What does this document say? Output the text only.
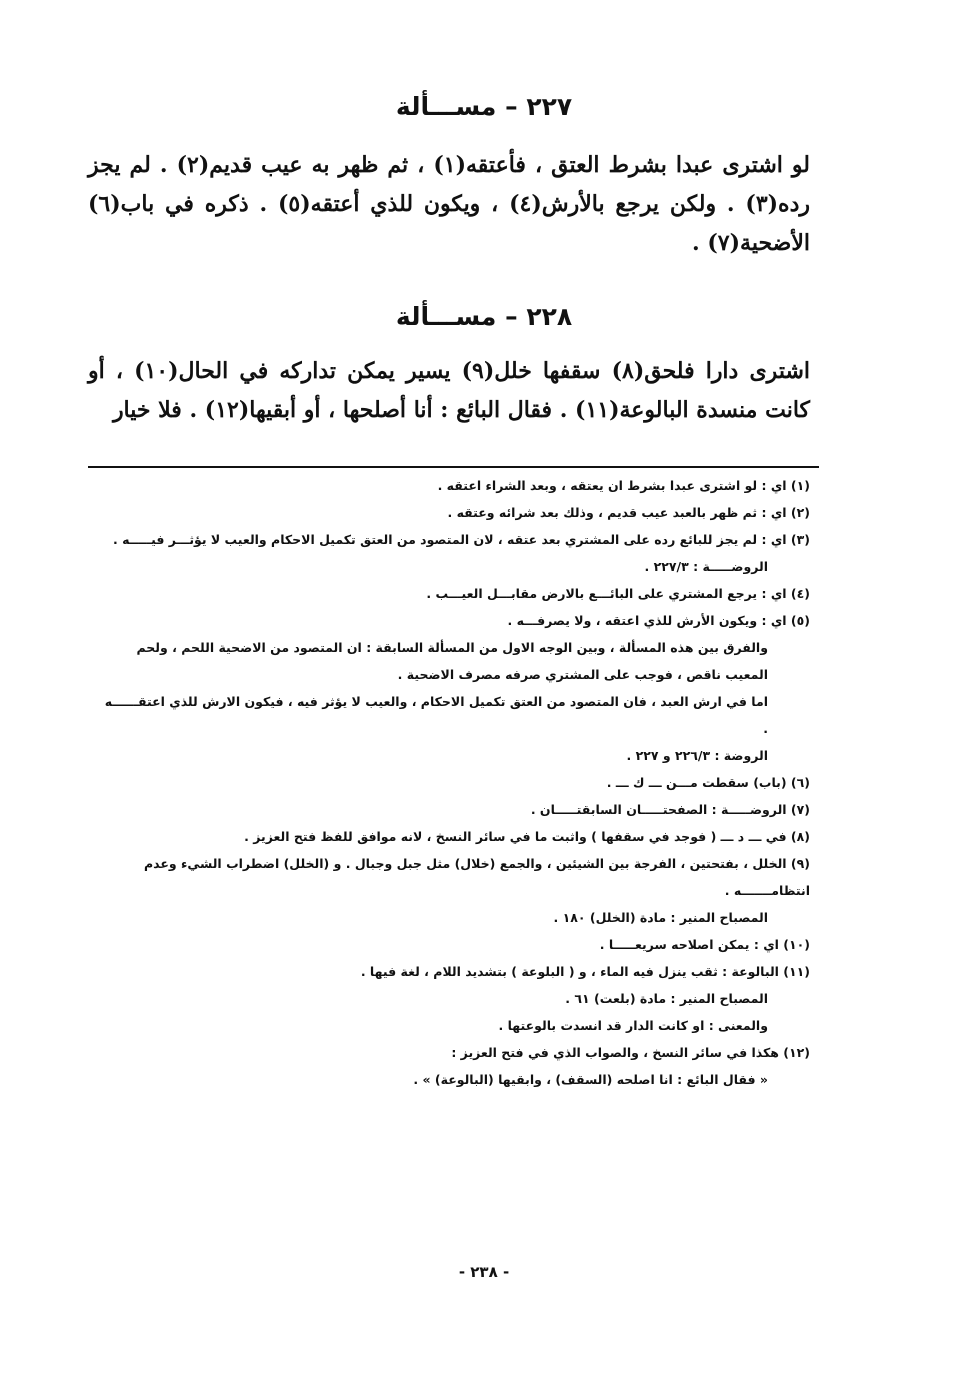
٢٢٧ – مســـألة
لو اشترى عبدا بشرط العتق ، فأعتقه(١) ، ثم ظهر به عيب قديم(٢) . لم يجز رده(٣) . ولكن يرجع بالأرش(٤) ، ويكون للذي أعتقه(٥) . ذكره في باب(٦) الأضحية(٧) .
٢٢٨ – مســـألة
اشترى دارا فلحق(٨) سقفها خلل(٩) يسير يمكن تداركه في الحال(١٠) ، أو كانت منسدة البالوعة(١١) . فقال البائع : أنا أصلحها ، أو أبقيها(١٢) . فلا خيار

(١) اي : لو اشترى عبدا بشرط ان يعتقه ، وبعد الشراء اعتقه .

(٢) اي : ثم ظهر بالعبد عيب قديم ، وذلك بعد شرائه وعتقه .

(٣) اي : لم يجز للبائع رده على المشتري بعد عتقه ، لان المتصود من العتق تكميل الاحكام والعيب لا يؤثـــر فيـــــه .

الروضـــــة : ٢٢٧/٣ .

(٤) اي : يرجع المشتري على البائـــع بالارض مقابـــل العيـــب .

(٥) اي : ويكون الأرش للذي اعتقه ، ولا يصرفـــه .

والفرق بين هذه المسألة ، وبين الوجه الاول من المسألة السابقة : ان المتصود من الاضحية اللحم ، ولحم المعيب ناقص ، فوجب على المشتري صرفه مصرف الاضحية .

اما في ارش العبد ، فان المتصود من العتق تكميل الاحكام ، والعيب لا يؤثر فيه ، فيكون الارش للذي اعتقــــــه .

الروضة : ٢٢٦/٣ و ٢٢٧ .

(٦) (باب) سقطت مـــن ـــ ك ـــ .

(٧) الروضـــــة : الصفحتـــــان السابقتـــــان .

(٨) في ـــ د ـــ ( فوجد في سقفها ) واثبت ما في سائر النسخ ، لانه موافق للفظ فتح العزيز .

(٩) الخلل ، بفتحتين ، الفرجة بين الشيئين ، والجمع (خلال) مثل جبل وجبال . و (الخلل) اضطراب الشيء وعدم انتظامـــــــه .

المصباح المنير : مادة (الخلل) ١٨٠ .

(١٠) اي : يمكن اصلاحه سريعـــــا .

(١١) البالوعة : ثقب ينزل فيه الماء ، و ( البلوعة ) بتشديد اللام ، لغة فيها .

المصباح المنير : مادة (بلعت) ٦١ .

والمعنى : او كانت الدار قد انسدت بالوعتها .

(١٢) هكذا في سائر النسخ ، والصواب الذي في فتح العزيز :

« فقال البائع : انا اصلحه (السقف) ، وابقيها (البالوعة) » .

- ٢٣٨ -
